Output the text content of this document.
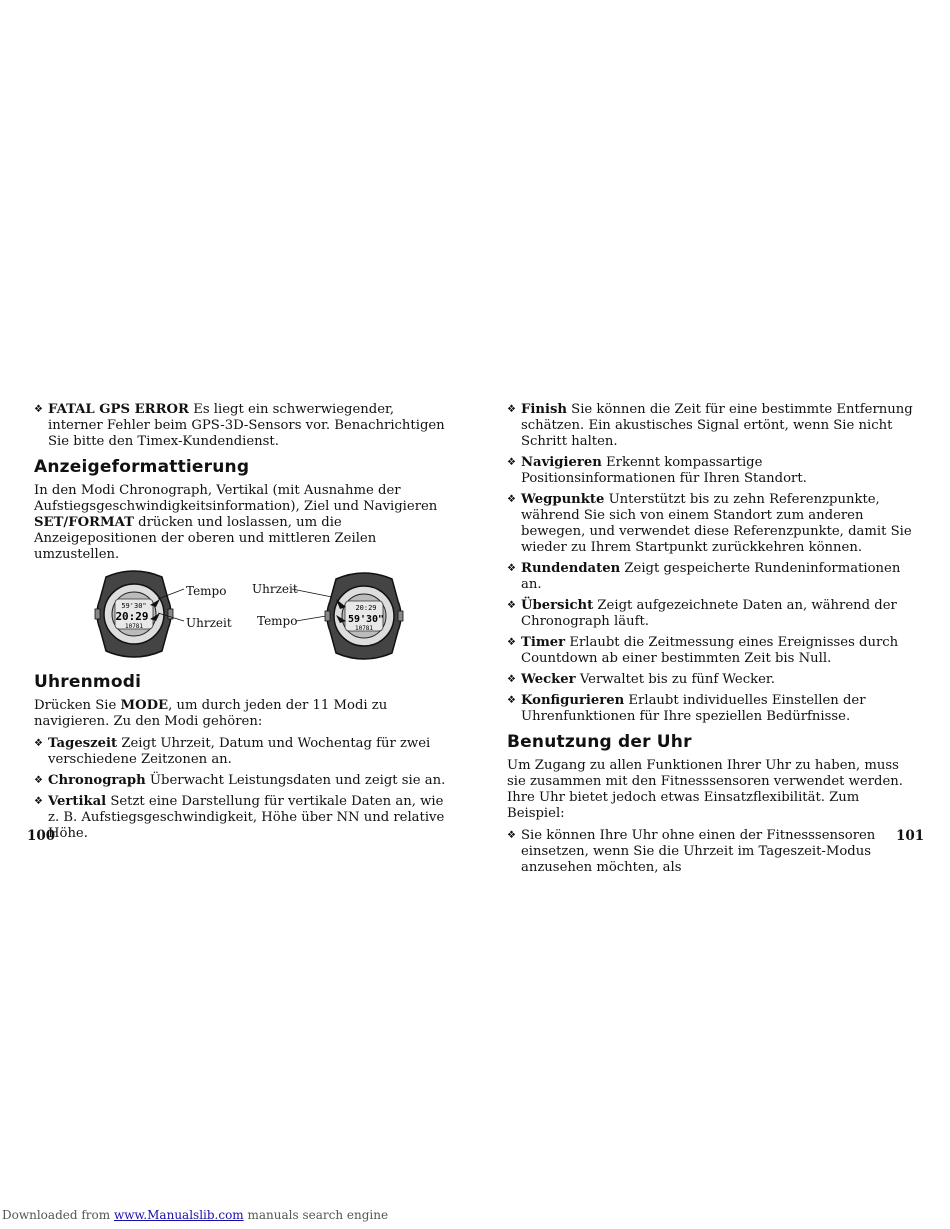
❖ FATAL GPS ERROR Es liegt ein schwerwiegender, interner Fehler beim GPS-3D-Sensors vor. Benachrichtigen Sie bitte den Timex-Kundendienst.
Anzeigeformattierung

In den Modi Chronograph, Vertikal (mit Ausnahme der Aufstiegsgeschwindigkeitsinformation), Ziel und Navigieren SET/FORMAT drücken und loslassen, um die Anzeigepositionen der oberen und mittleren Zeilen umzustellen.

59'30"
20:29
10781
Tempo
Uhrzeit
Uhrzeit
Tempo
20:29
59'30"
10781
Uhrenmodi

Drücken Sie MODE, um durch jeden der 11 Modi zu navigieren. Zu den Modi gehören:

❖ Tageszeit Zeigt Uhrzeit, Datum und Wochentag für zwei verschiedene Zeitzonen an.
❖ Chronograph Überwacht Leistungsdaten und zeigt sie an.
❖ Vertikal Setzt eine Darstellung für vertikale Daten an, wie z. B. Aufstiegsgeschwindigkeit, Höhe über NN und relative Höhe.
❖ Finish Sie können die Zeit für eine bestimmte Entfernung schätzen. Ein akustisches Signal ertönt, wenn Sie nicht Schritt halten.
❖ Navigieren Erkennt kompassartige Positionsinformationen für Ihren Standort.
❖ Wegpunkte Unterstützt bis zu zehn Referenzpunkte, während Sie sich von einem Standort zum anderen bewegen, und verwendet diese Referenzpunkte, damit Sie wieder zu Ihrem Startpunkt zurückkehren können.
❖ Rundendaten Zeigt gespeicherte Rundeninformationen an.
❖ Übersicht Zeigt aufgezeichnete Daten an, während der Chronograph läuft.
❖ Timer Erlaubt die Zeitmessung eines Ereignisses durch Countdown ab einer bestimmten Zeit bis Null.
❖ Wecker Verwaltet bis zu fünf Wecker.
❖ Konfigurieren Erlaubt individuelles Einstellen der Uhrenfunktionen für Ihre speziellen Bedürfnisse.
Benutzung der Uhr

Um Zugang zu allen Funktionen Ihrer Uhr zu haben, muss sie zusammen mit den Fitnesssensoren verwendet werden. Ihre Uhr bietet jedoch etwas Einsatzflexibilität. Zum Beispiel:

❖ Sie können Ihre Uhr ohne einen der Fitnesssensoren einsetzen, wenn Sie die Uhrzeit im Tageszeit-Modus anzusehen möchten, als
100	101
Downloaded from www.Manualslib.com manuals search engine
